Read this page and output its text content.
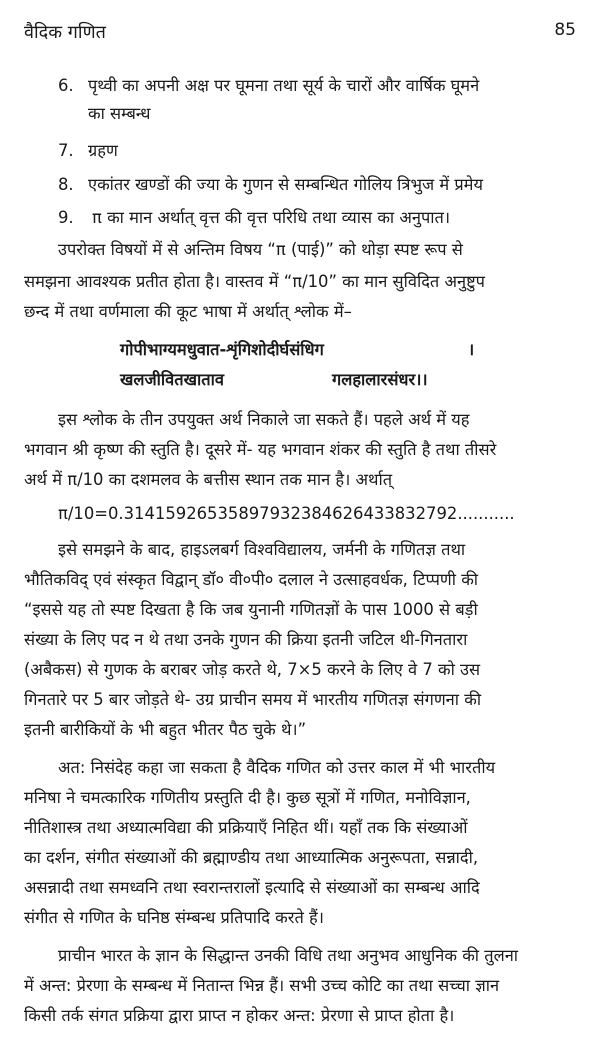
वैदिक गणित	85
6. पृथ्वी का अपनी अक्ष पर घूमना तथा सूर्य के चारों और वार्षिक घूमने
का सम्बन्ध
7. ग्रहण
8. एकांतर खण्डों की ज्या के गुणन से सम्बन्धित गोलिय त्रिभुज में प्रमेय
9. π का मान अर्थात् वृत्त की वृत्त परिधि तथा व्यास का अनुपात।
उपरोक्त विषयों में से अन्तिम विषय “π (पाई)” को थोड़ा स्पष्ट रूप से
समझना आवश्यक प्रतीत होता है। वास्तव में “π/10” का मान सुविदित अनुष्टुप
छन्द में तथा वर्णमाला की कूट भाषा में अर्थात् श्लोक में–
गोपीभाग्यमधुवात-शृंगिशोदीर्घसंधिग	।
खलजीवितखाताव	गलहालारसंधर।।
इस श्लोक के तीन उपयुक्त अर्थ निकाले जा सकते हैं। पहले अर्थ में यह
भगवान श्री कृष्ण की स्तुति है। दूसरे में- यह भगवान शंकर की स्तुति है तथा तीसरे
अर्थ में π/10 का दशमलव के बत्तीस स्थान तक मान है। अर्थात्
π/10=0.31415926535897932384626433832792...........
इसे समझने के बाद, हाइऽलबर्ग विश्वविद्यालय, जर्मनी के गणितज्ञ तथा
भौतिकविद् एवं संस्कृत विद्वान् डॉ० वी०पी० दलाल ने उत्साहवर्धक, टिप्पणी की
“इससे यह तो स्पष्ट दिखता है कि जब युनानी गणितज्ञों के पास 1000 से बड़ी
संख्या के लिए पद न थे तथा उनके गुणन की क्रिया इतनी जटिल थी-गिनतारा
(अबैकस) से गुणक के बराबर जोड़ करते थे, 7×5 करने के लिए वे 7 को उस
गिनतारे पर 5 बार जोड़ते थे- उग्र प्राचीन समय में भारतीय गणितज्ञ संगणना की
इतनी बारीकियों के भी बहुत भीतर पैठ चुके थे।”
अत: निसंदेह कहा जा सकता है वैदिक गणित को उत्तर काल में भी भारतीय
मनिषा ने चमत्कारिक गणितीय प्रस्तुति दी है। कुछ सूत्रों में गणित, मनोविज्ञान,
नीतिशास्त्र तथा अध्यात्मविद्या की प्रक्रियाएँ निहित थीं। यहाँ तक कि संख्याओं
का दर्शन, संगीत संख्याओं की ब्रह्माण्डीय तथा आध्यात्मिक अनुरूपता, सन्नादी,
असन्नादी तथा समध्वनि तथा स्वरान्तरालों इत्यादि से संख्याओं का सम्बन्ध आदि
संगीत से गणित के घनिष्ठ संम्बन्ध प्रतिपादि करते हैं।
प्राचीन भारत के ज्ञान के सिद्धान्त उनकी विधि तथा अनुभव आधुनिक की तुलना
में अन्त: प्रेरणा के सम्बन्ध में नितान्त भिन्न हैं। सभी उच्च कोटि का तथा सच्चा ज्ञान
किसी तर्क संगत प्रक्रिया द्वारा प्राप्त न होकर अन्त: प्रेरणा से प्राप्त होता है।
